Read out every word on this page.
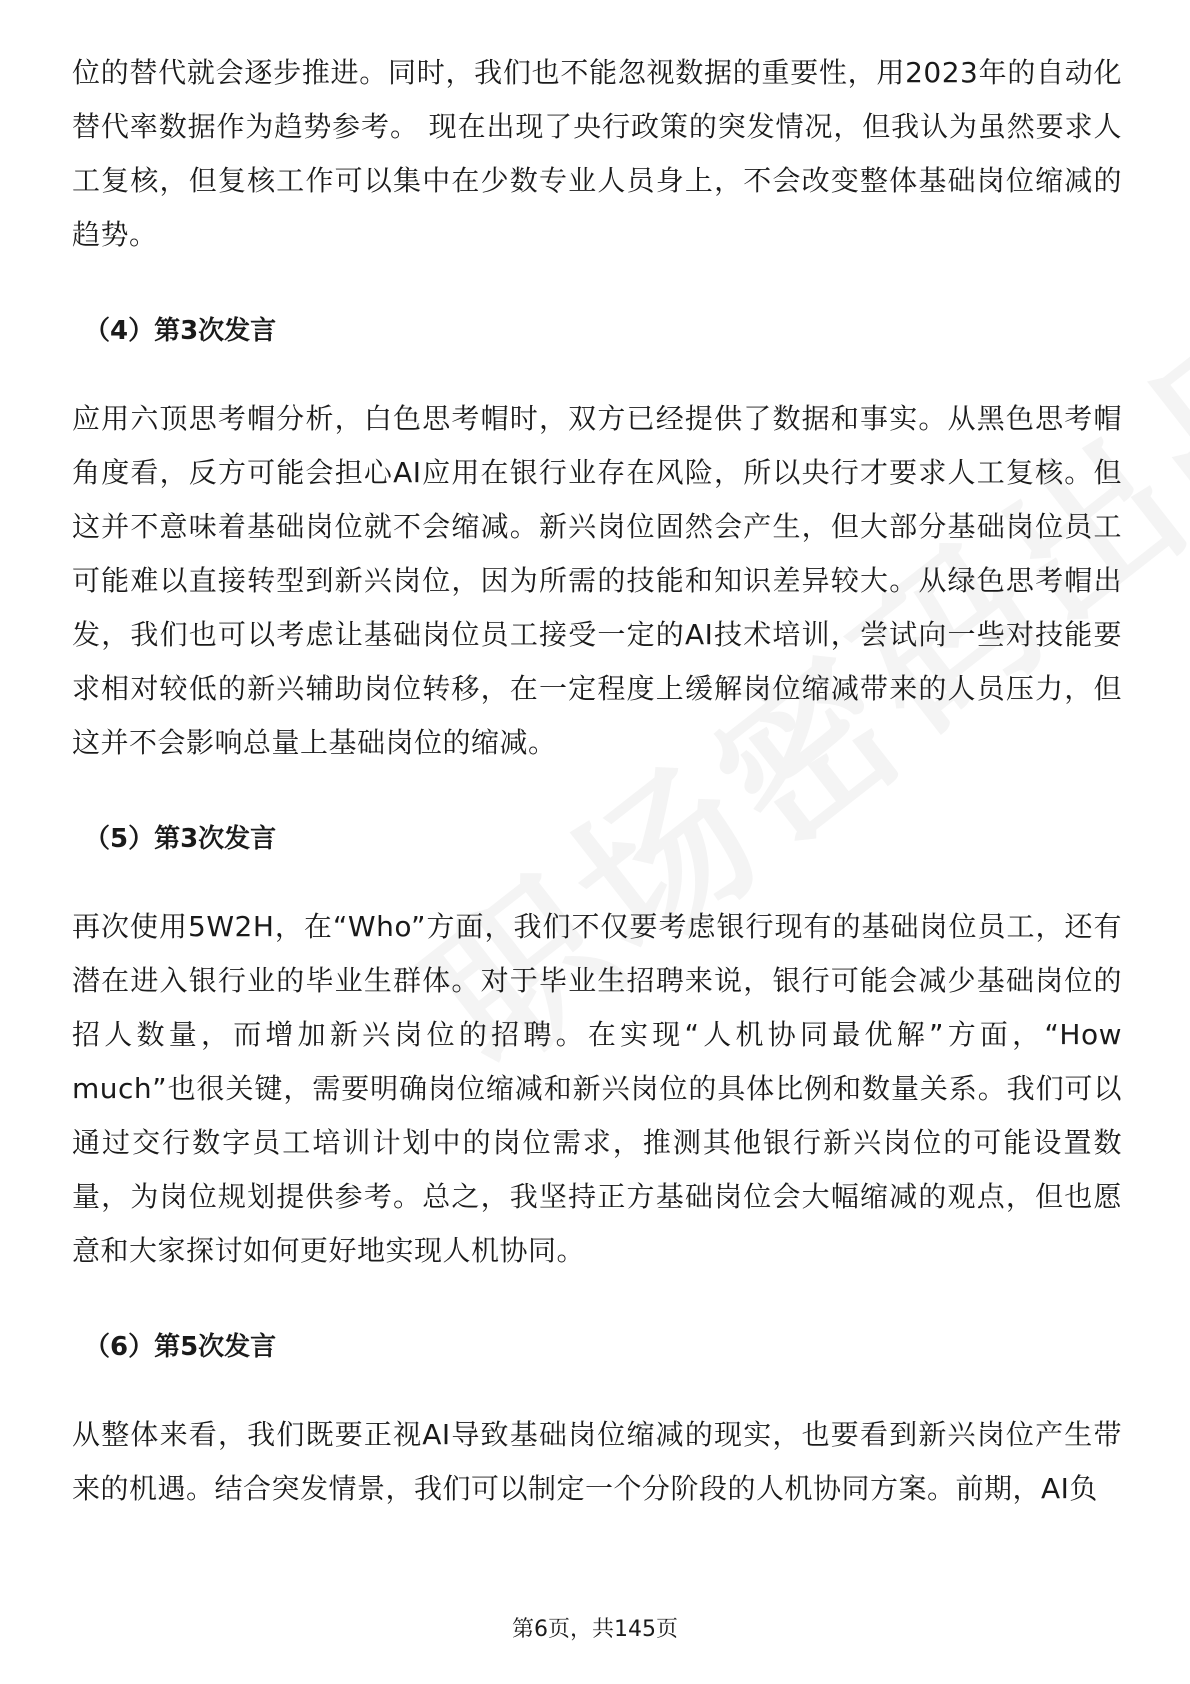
位的替代就会逐步推进。同时，我们也不能忽视数据的重要性，用2023年的自动化替代率数据作为趋势参考。 现在出现了央行政策的突发情况，但我认为虽然要求人工复核，但复核工作可以集中在少数专业人员身上，不会改变整体基础岗位缩减的趋势。

（4）第3次发言

应用六顶思考帽分析，白色思考帽时，双方已经提供了数据和事实。从黑色思考帽角度看，反方可能会担心AI应用在银行业存在风险，所以央行才要求人工复核。但这并不意味着基础岗位就不会缩减。新兴岗位固然会产生，但大部分基础岗位员工可能难以直接转型到新兴岗位，因为所需的技能和知识差异较大。从绿色思考帽出发，我们也可以考虑让基础岗位员工接受一定的AI技术培训，尝试向一些对技能要求相对较低的新兴辅助岗位转移，在一定程度上缓解岗位缩减带来的人员压力，但这并不会影响总量上基础岗位的缩减。

（5）第3次发言

再次使用5W2H，在“Who”方面，我们不仅要考虑银行现有的基础岗位员工，还有潜在进入银行业的毕业生群体。对于毕业生招聘来说，银行可能会减少基础岗位的招人数量，而增加新兴岗位的招聘。在实现“人机协同最优解”方面，“How much”也很关键，需要明确岗位缩减和新兴岗位的具体比例和数量关系。我们可以通过交行数字员工培训计划中的岗位需求，推测其他银行新兴岗位的可能设置数量，为岗位规划提供参考。总之，我坚持正方基础岗位会大幅缩减的观点，但也愿意和大家探讨如何更好地实现人机协同。

（6）第5次发言

从整体来看，我们既要正视AI导致基础岗位缩减的现实，也要看到新兴岗位产生带来的机遇。结合突发情景，我们可以制定一个分阶段的人机协同方案。前期，AI负

第6页，共145页
